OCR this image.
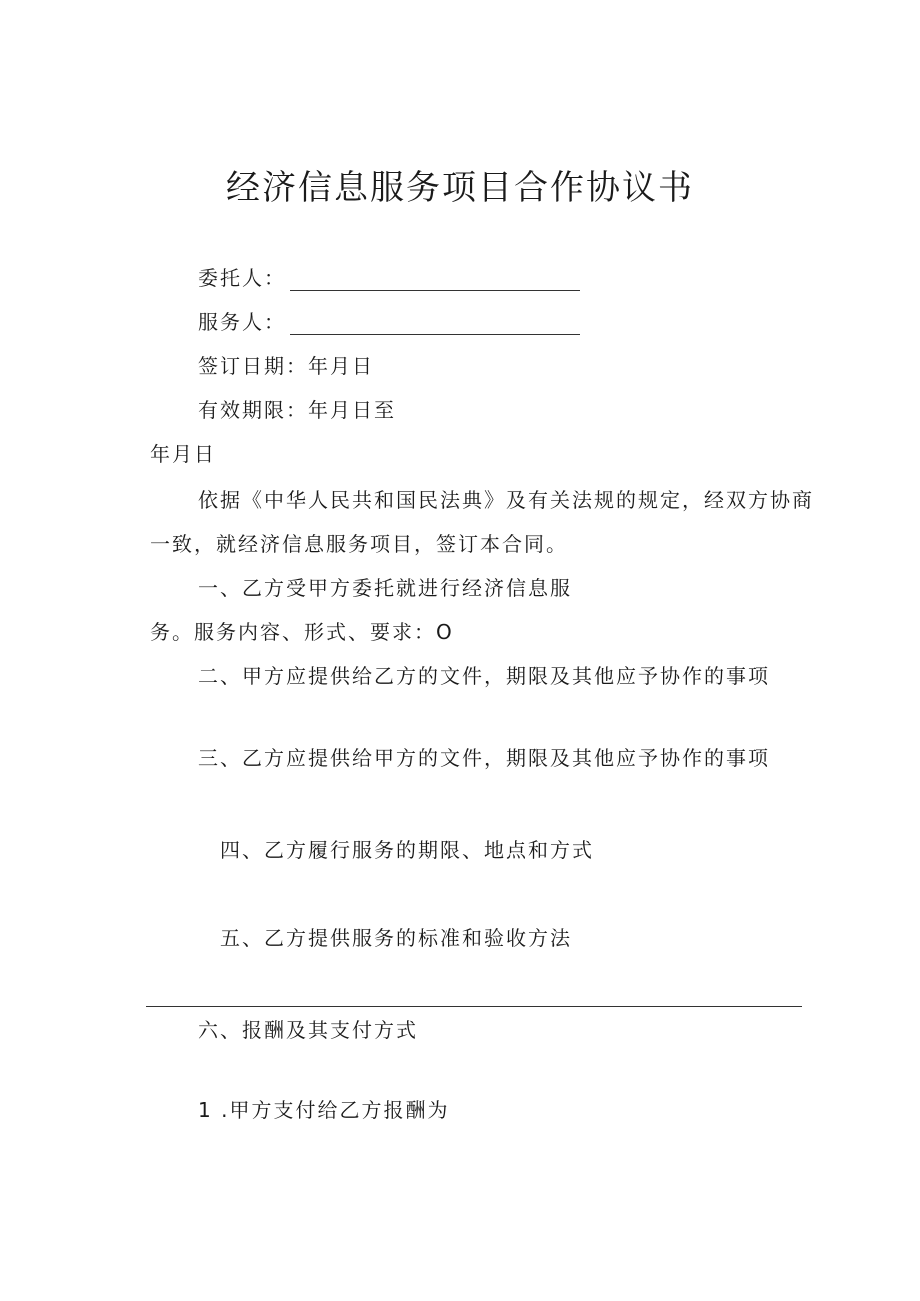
经济信息服务项目合作协议书

委托人：

服务人：

签订日期：年月日

有效期限：年月日至

年月日

依据《中华人民共和国民法典》及有关法规的规定，经双方协商

一致，就经济信息服务项目，签订本合同。

一、乙方受甲方委托就进行经济信息服

务。服务内容、形式、要求：O

二、甲方应提供给乙方的文件，期限及其他应予协作的事项

三、乙方应提供给甲方的文件，期限及其他应予协作的事项

四、乙方履行服务的期限、地点和方式

五、乙方提供服务的标准和验收方法

六、报酬及其支付方式

1 .甲方支付给乙方报酬为
